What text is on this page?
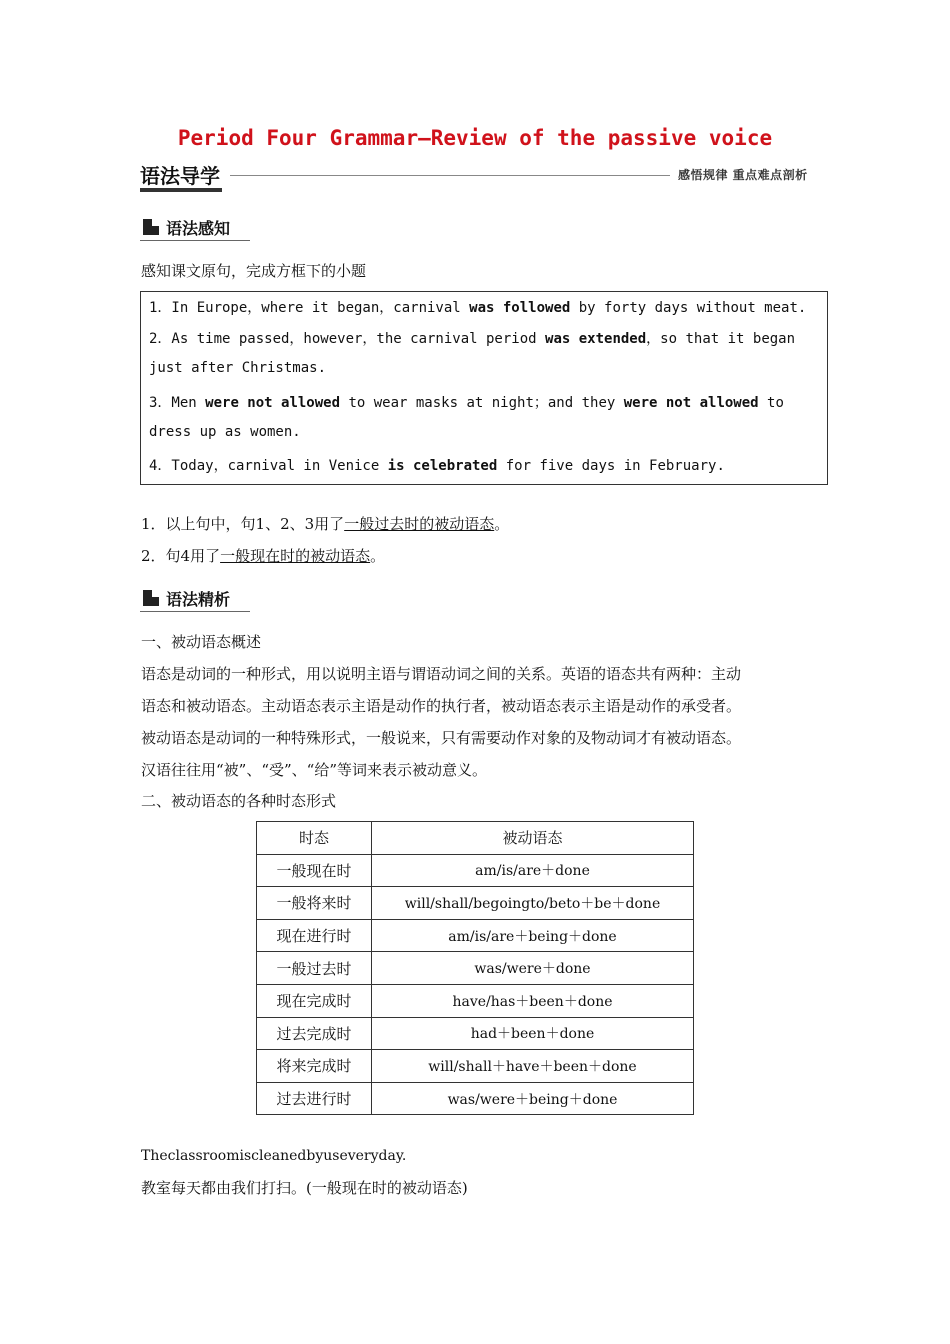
Period Four Grammar—Review of the passive voice
语法导学	感悟规律 重点难点剖析
语法感知
感知课文原句，完成方框下的小题
1．In Europe，where it began，carnival was followed by forty days without meat.
2．As time passed，however，the carnival period was extended，so that it began
just after Christmas.
3．Men were not allowed to wear masks at night；and they were not allowed to
dress up as women.
4．Today，carnival in Venice is celebrated for five days in February.
1．以上句中，句1、2、3用了一般过去时的被动语态。
2．句4用了一般现在时的被动语态。
语法精析
一、被动语态概述
语态是动词的一种形式，用以说明主语与谓语动词之间的关系。英语的语态共有两种：主动
语态和被动语态。主动语态表示主语是动作的执行者，被动语态表示主语是动作的承受者。
被动语态是动词的一种特殊形式，一般说来，只有需要动作对象的及物动词才有被动语态。
汉语往往用“被”、“受”、“给”等词来表示被动意义。
二、被动语态的各种时态形式
时态	被动语态
一般现在时	am/is/are＋done
一般将来时	will/shall/begoingto/beto＋be＋done
现在进行时	am/is/are＋being＋done
一般过去时	was/were＋done
现在完成时	have/has＋been＋done
过去完成时	had＋been＋done
将来完成时	will/shall＋have＋been＋done
过去进行时	was/were＋being＋done
Theclassroomiscleanedbyuseveryday.
教室每天都由我们打扫。(一般现在时的被动语态)
